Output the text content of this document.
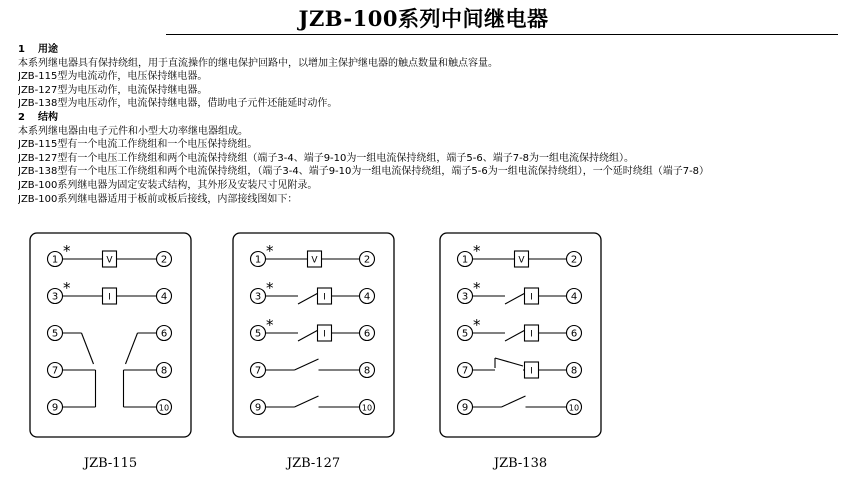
JZB-100系列中间继电器
1 用途
本系列继电器具有保持绕组，用于直流操作的继电保护回路中，以增加主保护继电器的触点数量和触点容量。
JZB-115型为电流动作，电压保持继电器。
JZB-127型为电压动作，电流保持继电器。
JZB-138型为电压动作，电流保持继电器，借助电子元件还能延时动作。
2 结构
本系列继电器由电子元件和小型大功率继电器组成。
JZB-115型有一个电流工作绕组和一个电压保持绕组。
JZB-127型有一个电压工作绕组和两个电流保持绕组（端子3-4、端子9-10为一组电流保持绕组，端子5-6、端子7-8为一组电流保持绕组）。
JZB-138型有一个电压工作绕组和两个电流保持绕组，（端子3-4、端子9-10为一组电流保持绕组，端子5-6为一组电流保持绕组），一个延时绕组（端子7-8）
JZB-100系列继电器为固定安装式结构，其外形及安装尺寸见附录。
JZB-100系列继电器适用于板前或板后接线，内部接线图如下：
1	2
3	4
5	6
7	8
9	10
JZB-115
*
V
*
I
1	2
3	4
5	6
7	8
9	10
JZB-127
*
V
*
I
*
I
1	2
3	4
5	6
7	8
9	10
JZB-138
*
V
*
I
*
I
I
